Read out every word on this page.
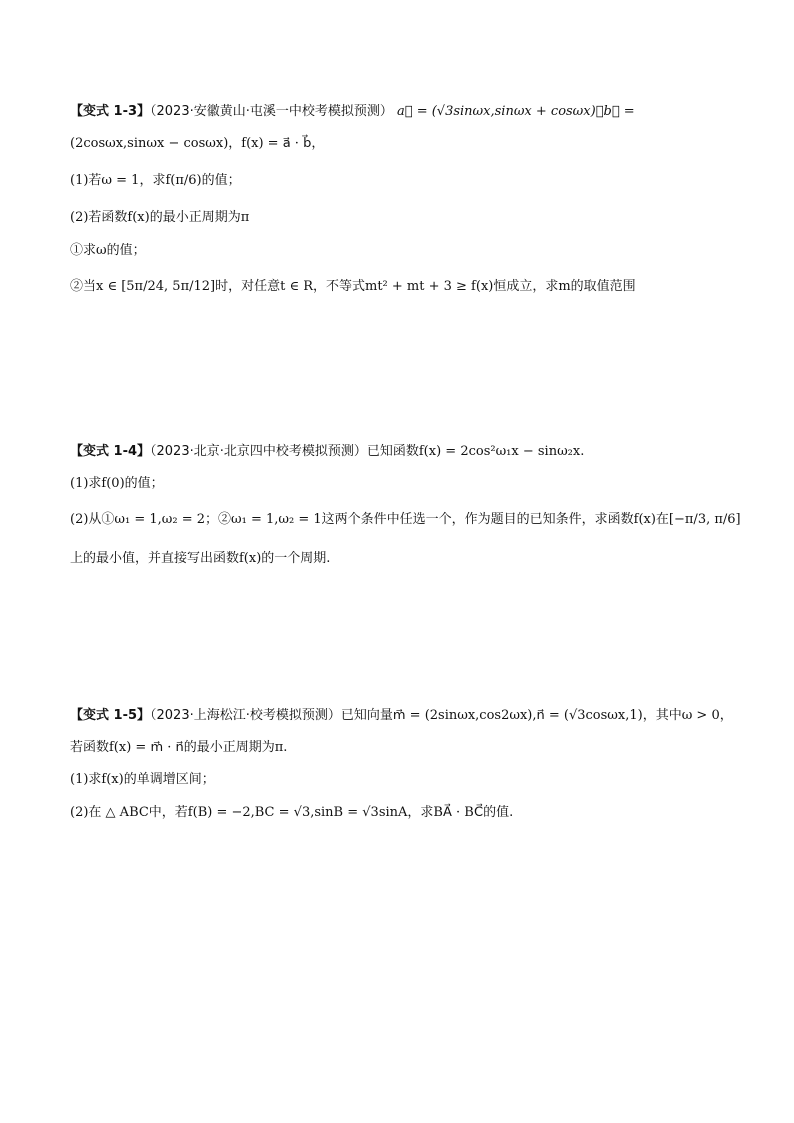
【变式 1-3】（2023·安徽黄山·屯溪一中校考模拟预测） a⃗ = (√3sinωx,sinωx + cosωx)，b⃗ =
(2cosωx,sinωx − cosωx)，f(x) = a⃗ · b⃗，
(1)若ω = 1，求f(π/6)的值；
(2)若函数f(x)的最小正周期为π
①求ω的值；
②当x ∈ [5π/24, 5π/12]时，对任意t ∈ R，不等式mt² + mt + 3 ≥ f(x)恒成立，求m的取值范围
【变式 1-4】（2023·北京·北京四中校考模拟预测）已知函数f(x) = 2cos²ω₁x − sinω₂x.
(1)求f(0)的值；
(2)从①ω₁ = 1,ω₂ = 2；②ω₁ = 1,ω₂ = 1这两个条件中任选一个，作为题目的已知条件，求函数f(x)在[−π/3, π/6]
上的最小值，并直接写出函数f(x)的一个周期.
【变式 1-5】（2023·上海松江·校考模拟预测）已知向量m⃗ = (2sinωx,cos2ωx),n⃗ = (√3cosωx,1)，其中ω > 0，
若函数f(x) = m⃗ · n⃗的最小正周期为π.
(1)求f(x)的单调增区间；
(2)在 △ ABC中，若f(B) = −2,BC = √3,sinB = √3sinA，求BA⃗ · BC⃗的值.
